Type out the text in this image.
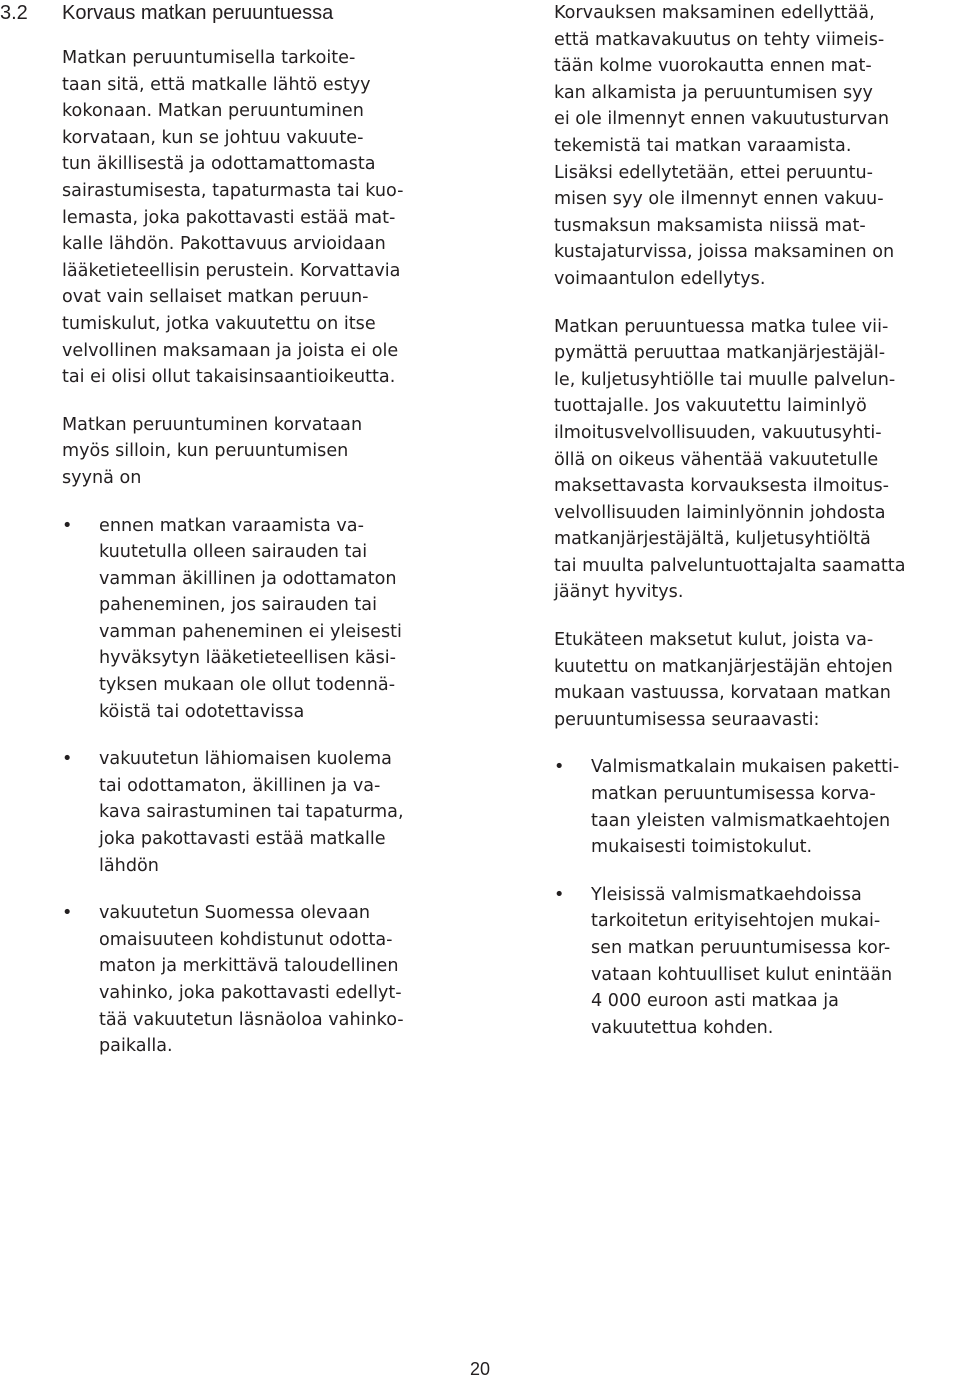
3.2 Korvaus matkan peruuntuessa
Matkan peruuntumisella tarkoite-
taan sitä, että matkalle lähtö estyy
kokonaan. Matkan peruuntuminen
korvataan, kun se johtuu vakuute-
tun äkillisestä ja odottamattomasta
sairastumisesta, tapaturmasta tai kuo-
lemasta, joka pakottavasti estää mat-
kalle lähdön. Pakottavuus arvioidaan
lääketieteellisin perustein. Korvattavia
ovat vain sellaiset matkan peruun-
tumiskulut, jotka vakuutettu on itse
velvollinen maksamaan ja joista ei ole
tai ei olisi ollut takaisinsaantioikeutta.
Matkan peruuntuminen korvataan
myös silloin, kun peruuntumisen
syynä on
• ennen matkan varaamista va-
kuutetulla olleen sairauden tai
vamman äkillinen ja odottamaton
paheneminen, jos sairauden tai
vamman paheneminen ei yleisesti
hyväksytyn lääketieteellisen käsi-
tyksen mukaan ole ollut todennä-
köistä tai odotettavissa
• vakuutetun lähiomaisen kuolema
tai odottamaton, äkillinen ja va-
kava sairastuminen tai tapaturma,
joka pakottavasti estää matkalle
lähdön
• vakuutetun Suomessa olevaan
omaisuuteen kohdistunut odotta-
maton ja merkittävä taloudellinen
vahinko, joka pakottavasti edellyt-
tää vakuutetun läsnäoloa vahinko-
paikalla.
Korvauksen maksaminen edellyttää,
että matkavakuutus on tehty viimeis-
tään kolme vuorokautta ennen mat-
kan alkamista ja peruuntumisen syy
ei ole ilmennyt ennen vakuutusturvan
tekemistä tai matkan varaamista.
Lisäksi edellytetään, ettei peruuntu-
misen syy ole ilmennyt ennen vakuu-
tusmaksun maksamista niissä mat-
kustajaturvissa, joissa maksaminen on
voimaantulon edellytys.
Matkan peruuntuessa matka tulee vii-
pymättä peruuttaa matkanjärjestäjäl-
le, kuljetusyhtiölle tai muulle palvelun-
tuottajalle. Jos vakuutettu laiminlyö
ilmoitusvelvollisuuden, vakuutusyhti-
öllä on oikeus vähentää vakuutetulle
maksettavasta korvauksesta ilmoitus-
velvollisuuden laiminlyönnin johdosta
matkanjärjestäjältä, kuljetusyhtiöltä
tai muulta palveluntuottajalta saamatta
jäänyt hyvitys.
Etukäteen maksetut kulut, joista va-
kuutettu on matkanjärjestäjän ehtojen
mukaan vastuussa, korvataan matkan
peruuntumisessa seuraavasti:
• Valmismatkalain mukaisen paketti-
matkan peruuntumisessa korva-
taan yleisten valmismatkaehtojen
mukaisesti toimistokulut.
• Yleisissä valmismatkaehdoissa
tarkoitetun erityisehtojen mukai-
sen matkan peruuntumisessa kor-
vataan kohtuulliset kulut enintään
4 000 euroon asti matkaa ja
vakuutettua kohden.
20
